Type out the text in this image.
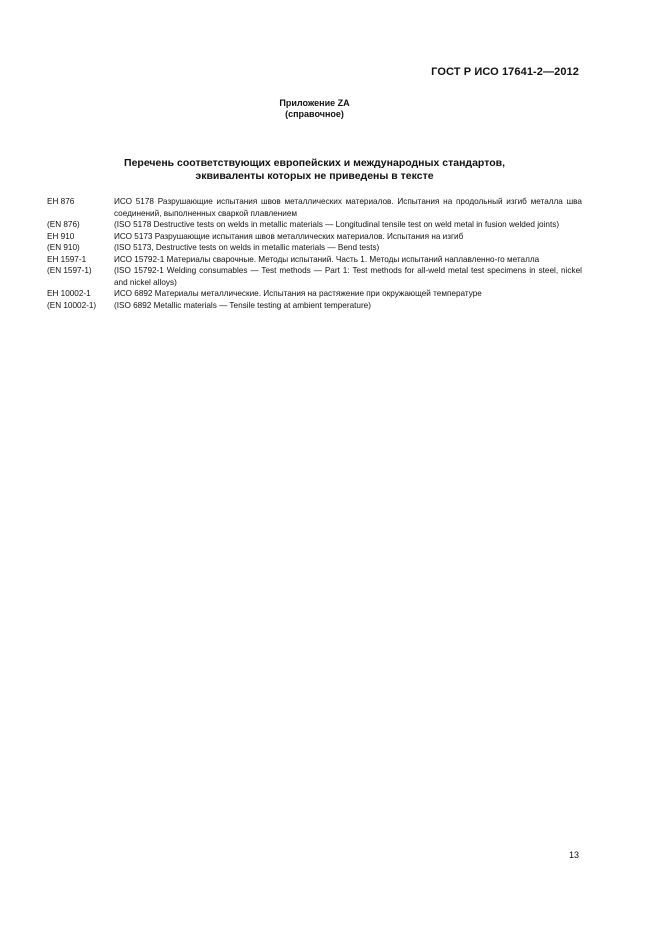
ГОСТ Р ИСО 17641-2—2012
Приложение ZA
(справочное)
Перечень соответствующих европейских и международных стандартов,
эквиваленты которых не приведены в тексте
ЕН 876	ИСО 5178 Разрушающие испытания швов металлических материалов. Испытания на продольный изгиб металла шва соединений, выполненных сваркой плавлением
(EN 876)	(ISO 5178 Destructive tests on welds in metallic materials — Longitudinal tensile test on weld metal in fusion welded joints)
ЕН 910	ИСО 5173 Разрушающие испытания швов металлических материалов. Испытания на изгиб
(EN 910)	(ISO 5173, Destructive tests on welds in metallic materials — Bend tests)
ЕН 1597-1	ИСО 15792-1 Материалы сварочные. Методы испытаний. Часть 1. Методы испытаний наплавленно-го металла
(EN 1597-1)	(ISO 15792-1 Welding consumables — Test methods — Part 1: Test methods for all-weld metal test specimens in steel, nickel and nickel alloys)
ЕН 10002-1	ИСО 6892 Материалы металлические. Испытания на растяжение при окружающей температуре
(EN 10002-1)	(ISO 6892 Metallic materials — Tensile testing at ambient temperature)
13
